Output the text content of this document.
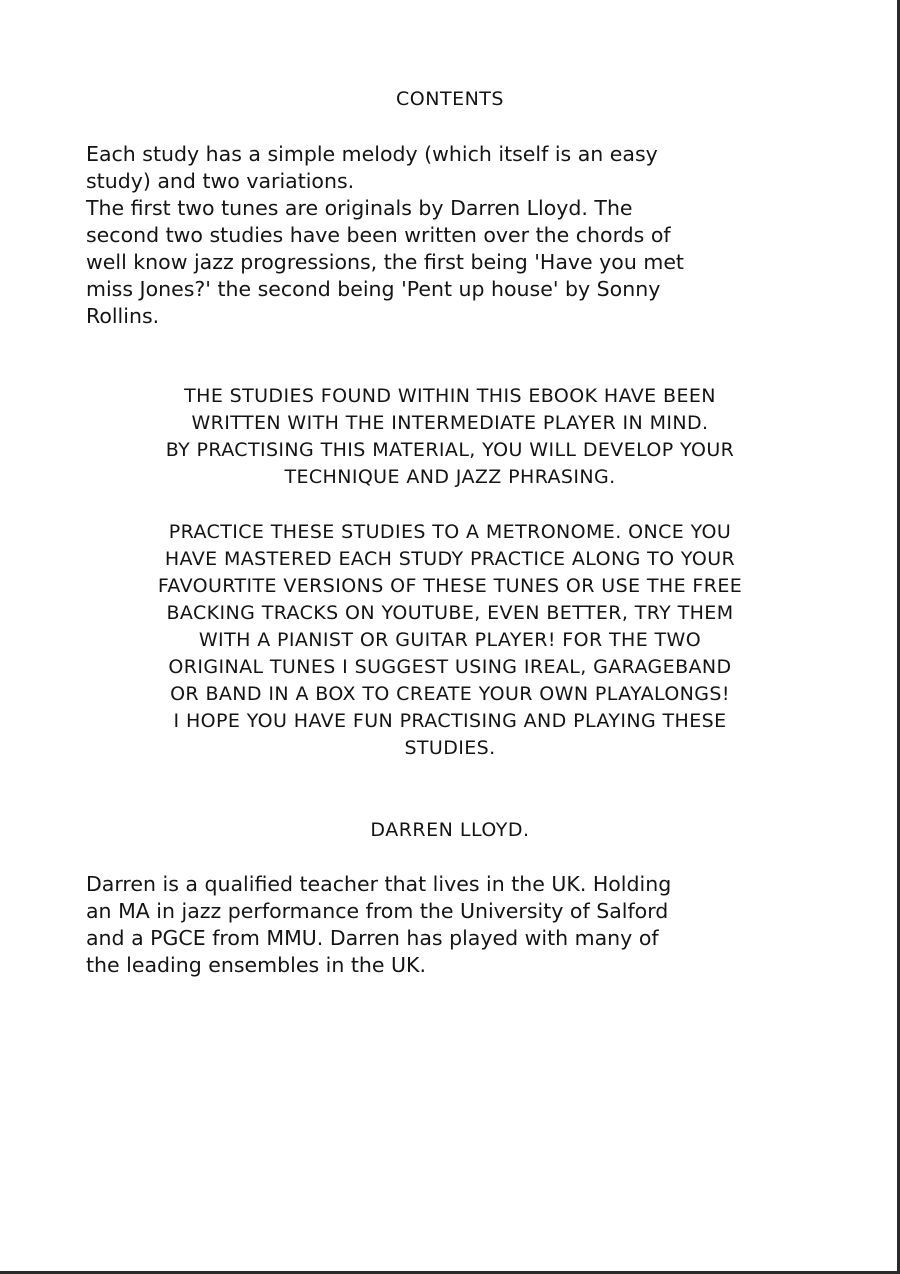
CONTENTS
Each study has a simple melody (which itself is an easy
study) and two variations.
The first two tunes are originals by Darren Lloyd. The
second two studies have been written over the chords of
well know jazz progressions, the first being 'Have you met
miss Jones?' the second being 'Pent up house' by Sonny
Rollins.
THE STUDIES FOUND WITHIN THIS EBOOK HAVE BEEN
WRITTEN WITH THE INTERMEDIATE PLAYER IN MIND.
BY PRACTISING THIS MATERIAL, YOU WILL DEVELOP YOUR
TECHNIQUE AND JAZZ PHRASING.
PRACTICE THESE STUDIES TO A METRONOME. ONCE YOU
HAVE MASTERED EACH STUDY PRACTICE ALONG TO YOUR
FAVOURTITE VERSIONS OF THESE TUNES OR USE THE FREE
BACKING TRACKS ON YOUTUBE, EVEN BETTER, TRY THEM
WITH A PIANIST OR GUITAR PLAYER! FOR THE TWO
ORIGINAL TUNES I SUGGEST USING IREAL, GARAGEBAND
OR BAND IN A BOX TO CREATE YOUR OWN PLAYALONGS!
I HOPE YOU HAVE FUN PRACTISING AND PLAYING THESE
STUDIES.
DARREN LLOYD.
Darren is a qualified teacher that lives in the UK. Holding
an MA in jazz performance from the University of Salford
and a PGCE from MMU. Darren has played with many of
the leading ensembles in the UK.
